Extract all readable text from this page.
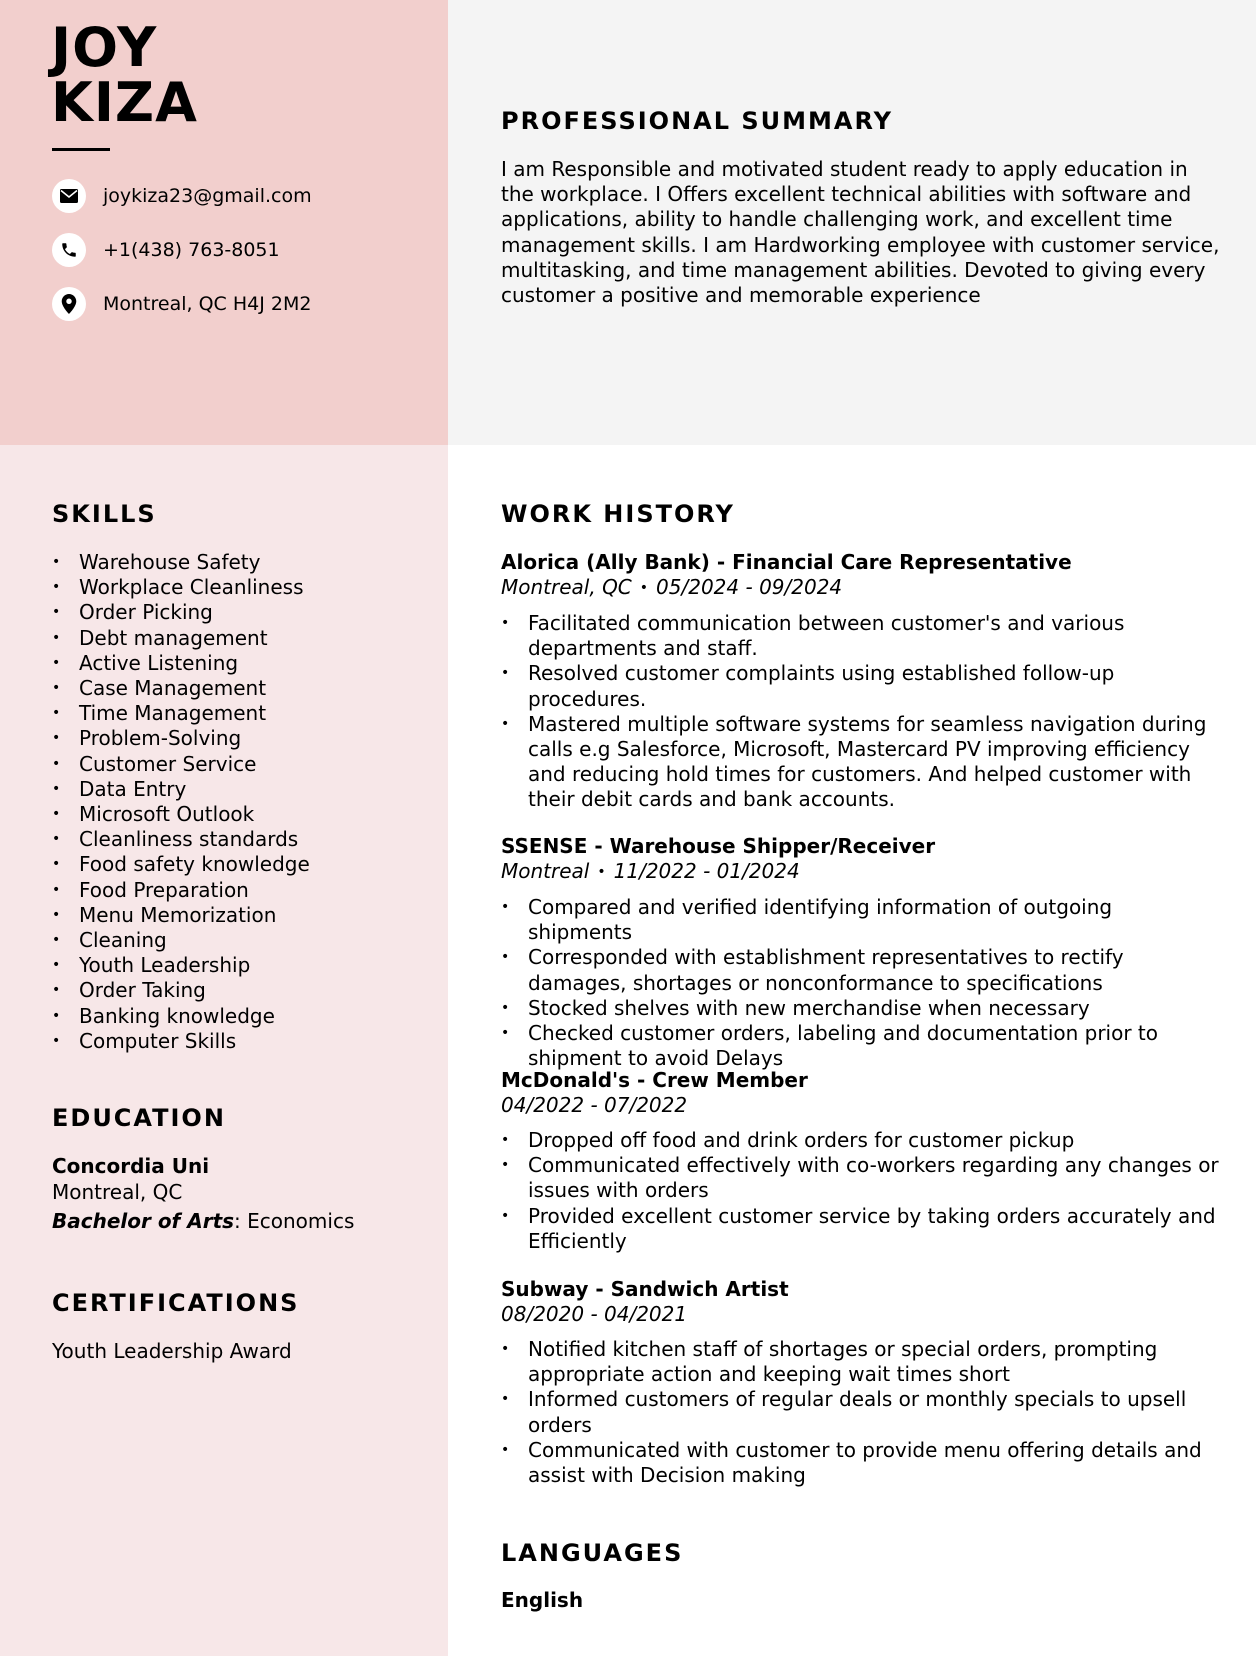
JOY
KIZA
joykiza23@gmail.com
+1(438) 763-8051
Montreal, QC H4J 2M2
PROFESSIONAL SUMMARY
I am Responsible and motivated student ready to apply education in the workplace. I Offers excellent technical abilities with software and applications, ability to handle challenging work, and excellent time management skills. I am Hardworking employee with customer service, multitasking, and time management abilities. Devoted to giving every customer a positive and memorable experience
SKILLS
• Warehouse Safety
• Workplace Cleanliness
• Order Picking
• Debt management
• Active Listening
• Case Management
• Time Management
• Problem-Solving
• Customer Service
• Data Entry
• Microsoft Outlook
• Cleanliness standards
• Food safety knowledge
• Food Preparation
• Menu Memorization
• Cleaning
• Youth Leadership
• Order Taking
• Banking knowledge
• Computer Skills
EDUCATION
Concordia Uni
Montreal, QC
Bachelor of Arts: Economics
CERTIFICATIONS
Youth Leadership Award
WORK HISTORY
Alorica (Ally Bank) - Financial Care Representative
Montreal, QC • 05/2024 - 09/2024
• Facilitated communication between customer's and various departments and staff.
• Resolved customer complaints using established follow-up procedures.
• Mastered multiple software systems for seamless navigation during calls e.g Salesforce, Microsoft, Mastercard PV improving efficiency and reducing hold times for customers. And helped customer with their debit cards and bank accounts.
SSENSE - Warehouse Shipper/Receiver
Montreal • 11/2022 - 01/2024
• Compared and verified identifying information of outgoing shipments
• Corresponded with establishment representatives to rectify damages, shortages or nonconformance to specifications
• Stocked shelves with new merchandise when necessary
• Checked customer orders, labeling and documentation prior to shipment to avoid Delays
McDonald's - Crew Member
04/2022 - 07/2022
• Dropped off food and drink orders for customer pickup
• Communicated effectively with co-workers regarding any changes or issues with orders
• Provided excellent customer service by taking orders accurately and Efficiently
Subway - Sandwich Artist
08/2020 - 04/2021
• Notified kitchen staff of shortages or special orders, prompting appropriate action and keeping wait times short
• Informed customers of regular deals or monthly specials to upsell orders
• Communicated with customer to provide menu offering details and assist with Decision making
LANGUAGES
English
